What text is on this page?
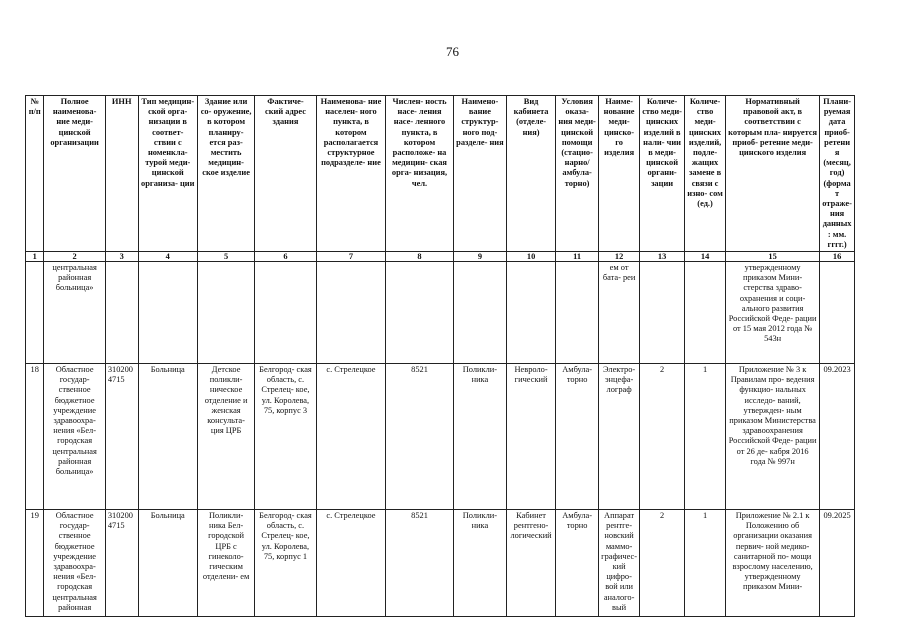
76
№ п/п	Полное наименова- ние меди- цинской организации	ИНН	Тип медицин- ской орга- низации в соответ- ствии с номенкла- турой меди- цинской организа- ции	Здание или со- оружение, в котором планиру- ется раз- местить медицин- ское изделие	Фактиче- ский адрес здания	Наименова- ние населен- ного пункта, в котором располагается структурное подразделе- ние	Числен- ность насе- ления насе- ленного пункта, в котором расположе- на медицин- ская орга- низация, чел.	Наимено- вание структур- ного под- разделе- ния	Вид кабинета (отделе- ния)	Условия оказа- ния меди- цинской помощи (стацио- нарно/ амбула- торно)	Наиме- нование меди- цинско- го изделия	Количе- ство меди- цинских изделий в нали- чии в меди- цинской органи- зации	Количе- ство меди- цинских изделий, подле- жащих замене в связи с изно- сом (ед.)	Нормативный правовой акт, в соответствии с которым пла- нируется приоб- ретение меди- цинского изделия	Плани- руемая дата приоб- ретения (месяц, год) (формат отраже- ния данных: мм. гггг.)
1	2	3	4	5	6	7	8	9	10	11	12	13	14	15	16
	центральная районная больница»										ем от бата- реи			утвержденному приказом Мини- стерства здраво- охранения и соци- ального развития Российской Феде- рации от 15 мая 2012 года № 543н	
18	Областное государ- ственное бюджетное учреждение здравоохра- нения «Бел- городская центральная районная больница»	310200 4715	Больница	Детское поликли- ническое отделение и женская консульта- ция ЦРБ	Белгород- ская область, с. Стрелец- кое, ул. Королева, 75, корпус 3	с. Стрелецкое	8521	Поликли- ника	Невроло- гический	Амбула- торно	Электро- энцефа- лограф	2	1	Приложение № 3 к Правилам про- ведения функцио- нальных исследо- ваний, утвержден- ным приказом Министерства здравоохранения Российской Феде- рации от 26 де- кабря 2016 года № 997н	09.2023
19	Областное государ- ственное бюджетное учреждение здравоохра- нения «Бел- городская центральная районная	310200 4715	Больница	Поликли- ника Бел- городской ЦРБ с гинеколо- гическим отделени- ем	Белгород- ская область, с. Стрелец- кое, ул. Королева, 75, корпус 1	с. Стрелецкое	8521	Поликли- ника	Кабинет рентгено- логический	Амбула- торно	Аппарат рентге- новский маммо- графичес- кий цифро- вой или аналого- вый	2	1	Приложение № 2.1 к Положению об организации оказания первич- ной медико- санитарной по- мощи взрослому населению, утвержденному приказом Мини-	09.2025
